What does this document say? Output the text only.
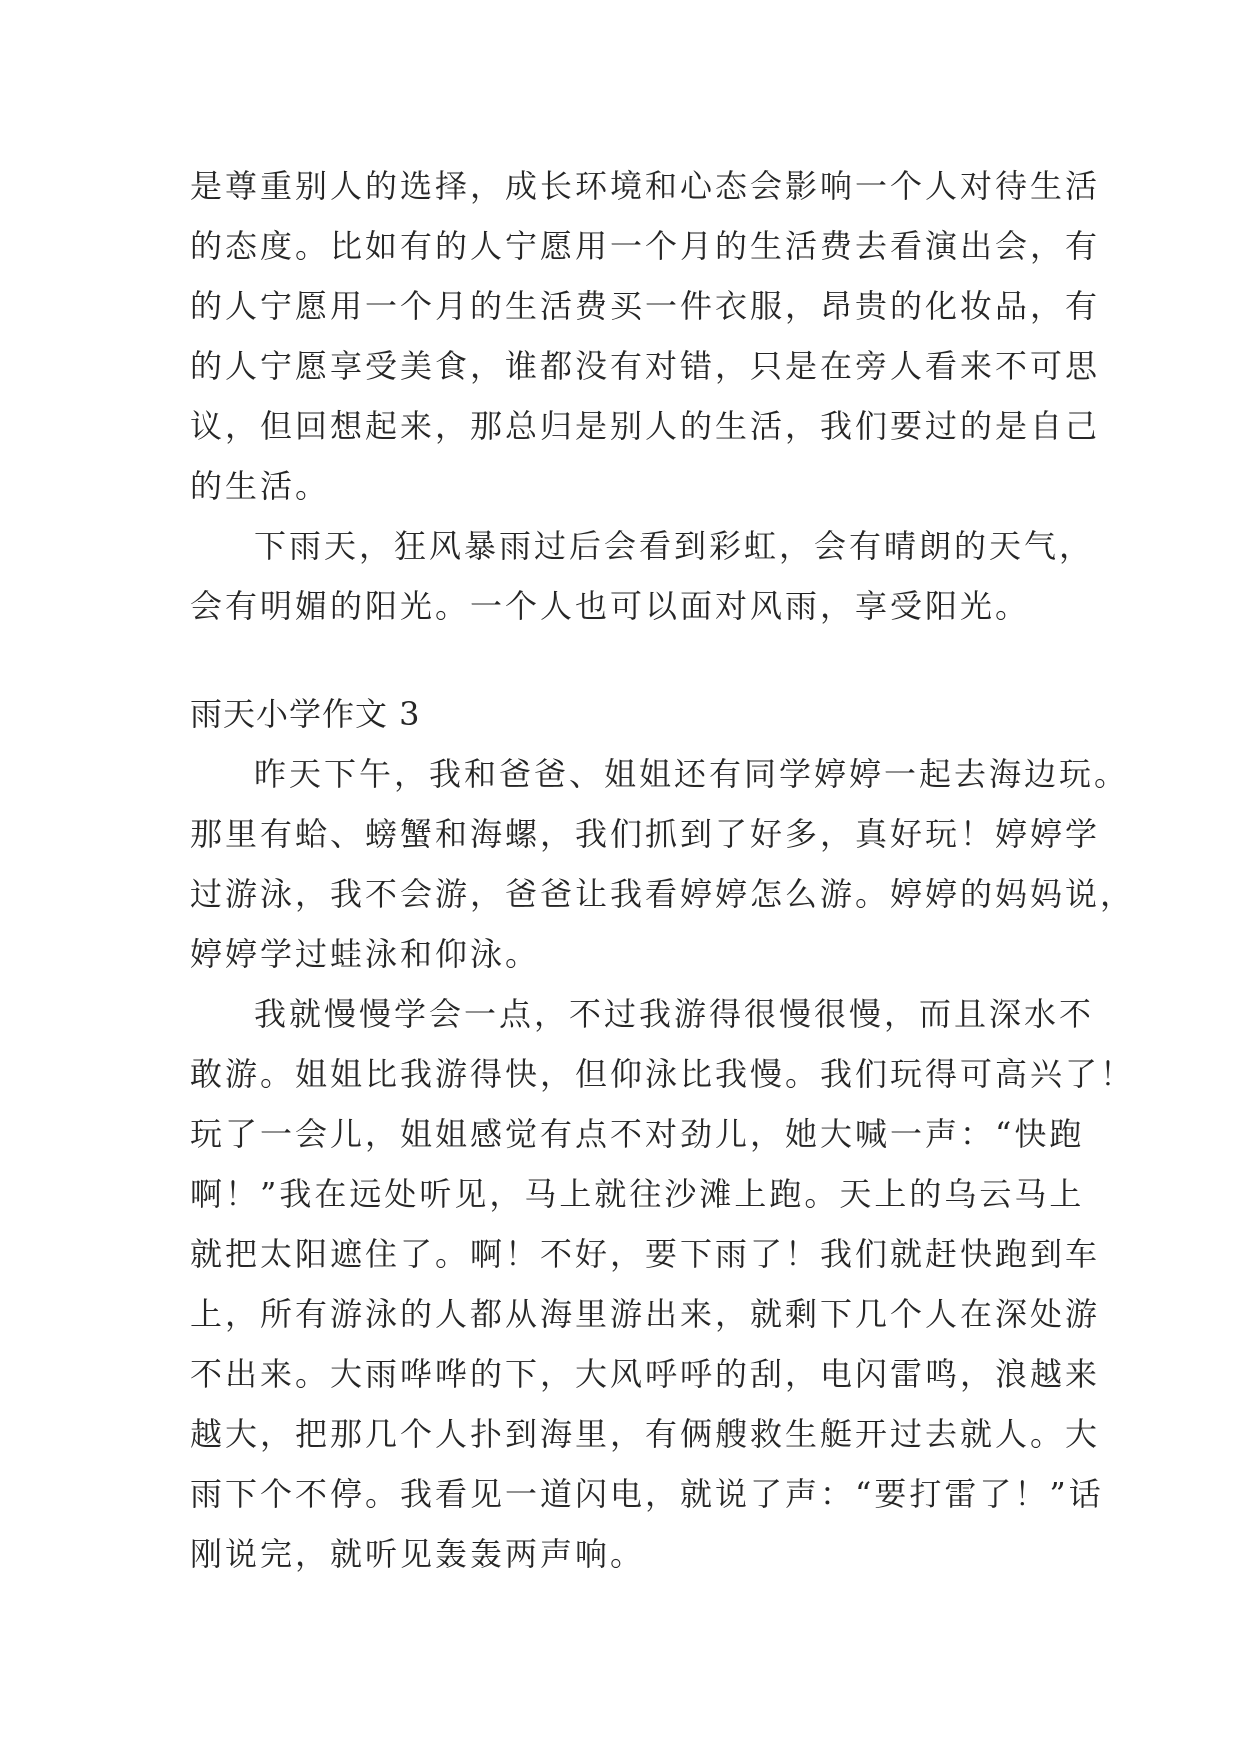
是尊重别人的选择，成长环境和心态会影响一个人对待生活
的态度。比如有的人宁愿用一个月的生活费去看演出会，有
的人宁愿用一个月的生活费买一件衣服，昂贵的化妆品，有
的人宁愿享受美食，谁都没有对错，只是在旁人看来不可思
议，但回想起来，那总归是别人的生活，我们要过的是自己
的生活。
下雨天，狂风暴雨过后会看到彩虹，会有晴朗的天气，
会有明媚的阳光。一个人也可以面对风雨，享受阳光。
雨天小学作文 3
昨天下午，我和爸爸、姐姐还有同学婷婷一起去海边玩。
那里有蛤、螃蟹和海螺，我们抓到了好多，真好玩！婷婷学
过游泳，我不会游，爸爸让我看婷婷怎么游。婷婷的妈妈说，
婷婷学过蛙泳和仰泳。
我就慢慢学会一点，不过我游得很慢很慢，而且深水不
敢游。姐姐比我游得快，但仰泳比我慢。我们玩得可高兴了！
玩了一会儿，姐姐感觉有点不对劲儿，她大喊一声：“快跑
啊！”我在远处听见，马上就往沙滩上跑。天上的乌云马上
就把太阳遮住了。啊！不好，要下雨了！我们就赶快跑到车
上，所有游泳的人都从海里游出来，就剩下几个人在深处游
不出来。大雨哗哗的下，大风呼呼的刮，电闪雷鸣，浪越来
越大，把那几个人扑到海里，有俩艘救生艇开过去就人。大
雨下个不停。我看见一道闪电，就说了声：“要打雷了！”话
刚说完，就听见轰轰两声响。
